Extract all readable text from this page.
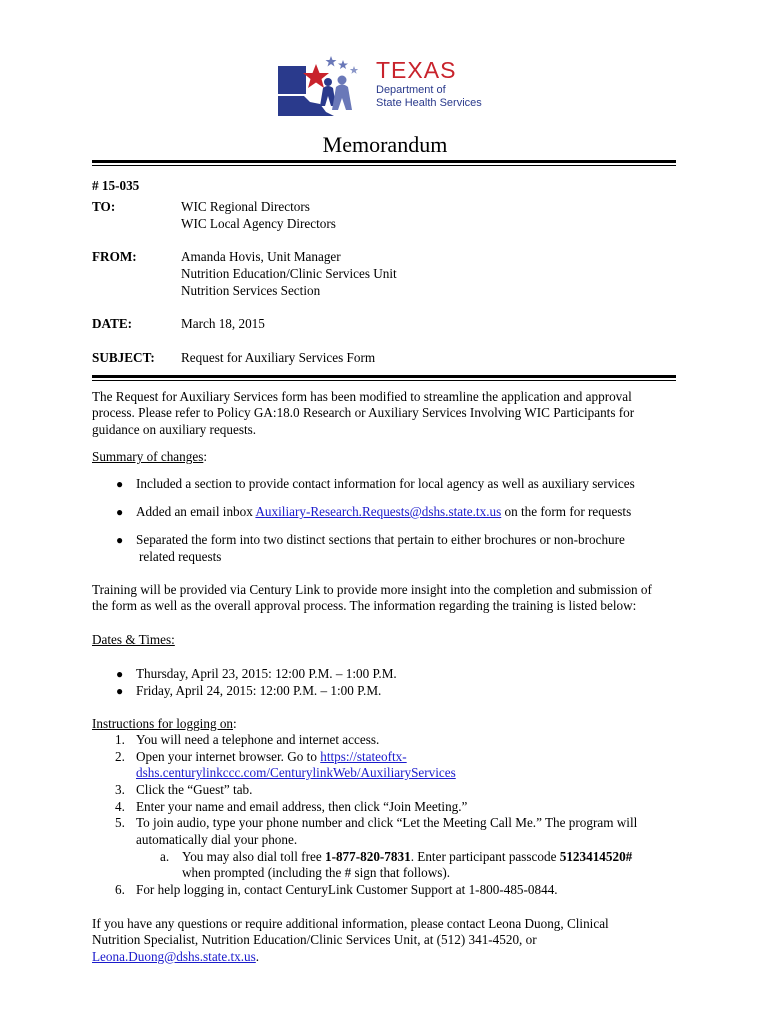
TEXAS
Department of
State Health Services
Memorandum
# 15-035
TO:	WIC Regional Directors
WIC Local Agency Directors
FROM:	Amanda Hovis, Unit Manager
Nutrition Education/Clinic Services Unit
Nutrition Services Section
DATE:	March 18, 2015
SUBJECT: Request for Auxiliary Services Form
The Request for Auxiliary Services form has been modified to streamline the application and approval
process. Please refer to Policy GA:18.0 Research or Auxiliary Services Involving WIC Participants for
guidance on auxiliary requests.
Summary of changes:
● Included a section to provide contact information for local agency as well as auxiliary services
● Added an email inbox Auxiliary-Research.Requests@dshs.state.tx.us on the form for requests
● Separated the form into two distinct sections that pertain to either brochures or non-brochure
related requests
Training will be provided via Century Link to provide more insight into the completion and submission of
the form as well as the overall approval process. The information regarding the training is listed below:
Dates & Times:
● Thursday, April 23, 2015: 12:00 P.M. – 1:00 P.M.
● Friday, April 24, 2015: 12:00 P.M. – 1:00 P.M.
Instructions for logging on:
1. You will need a telephone and internet access.
2. Open your internet browser. Go to https://stateoftx-
dshs.centurylinkccc.com/CenturylinkWeb/AuxiliaryServices
3. Click the “Guest” tab.
4. Enter your name and email address, then click “Join Meeting.”
5. To join audio, type your phone number and click “Let the Meeting Call Me.” The program will
automatically dial your phone.
a. You may also dial toll free 1-877-820-7831. Enter participant passcode 5123414520#
when prompted (including the # sign that follows).
6. For help logging in, contact CenturyLink Customer Support at 1-800-485-0844.
If you have any questions or require additional information, please contact Leona Duong, Clinical
Nutrition Specialist, Nutrition Education/Clinic Services Unit, at (512) 341-4520, or
Leona.Duong@dshs.state.tx.us.
